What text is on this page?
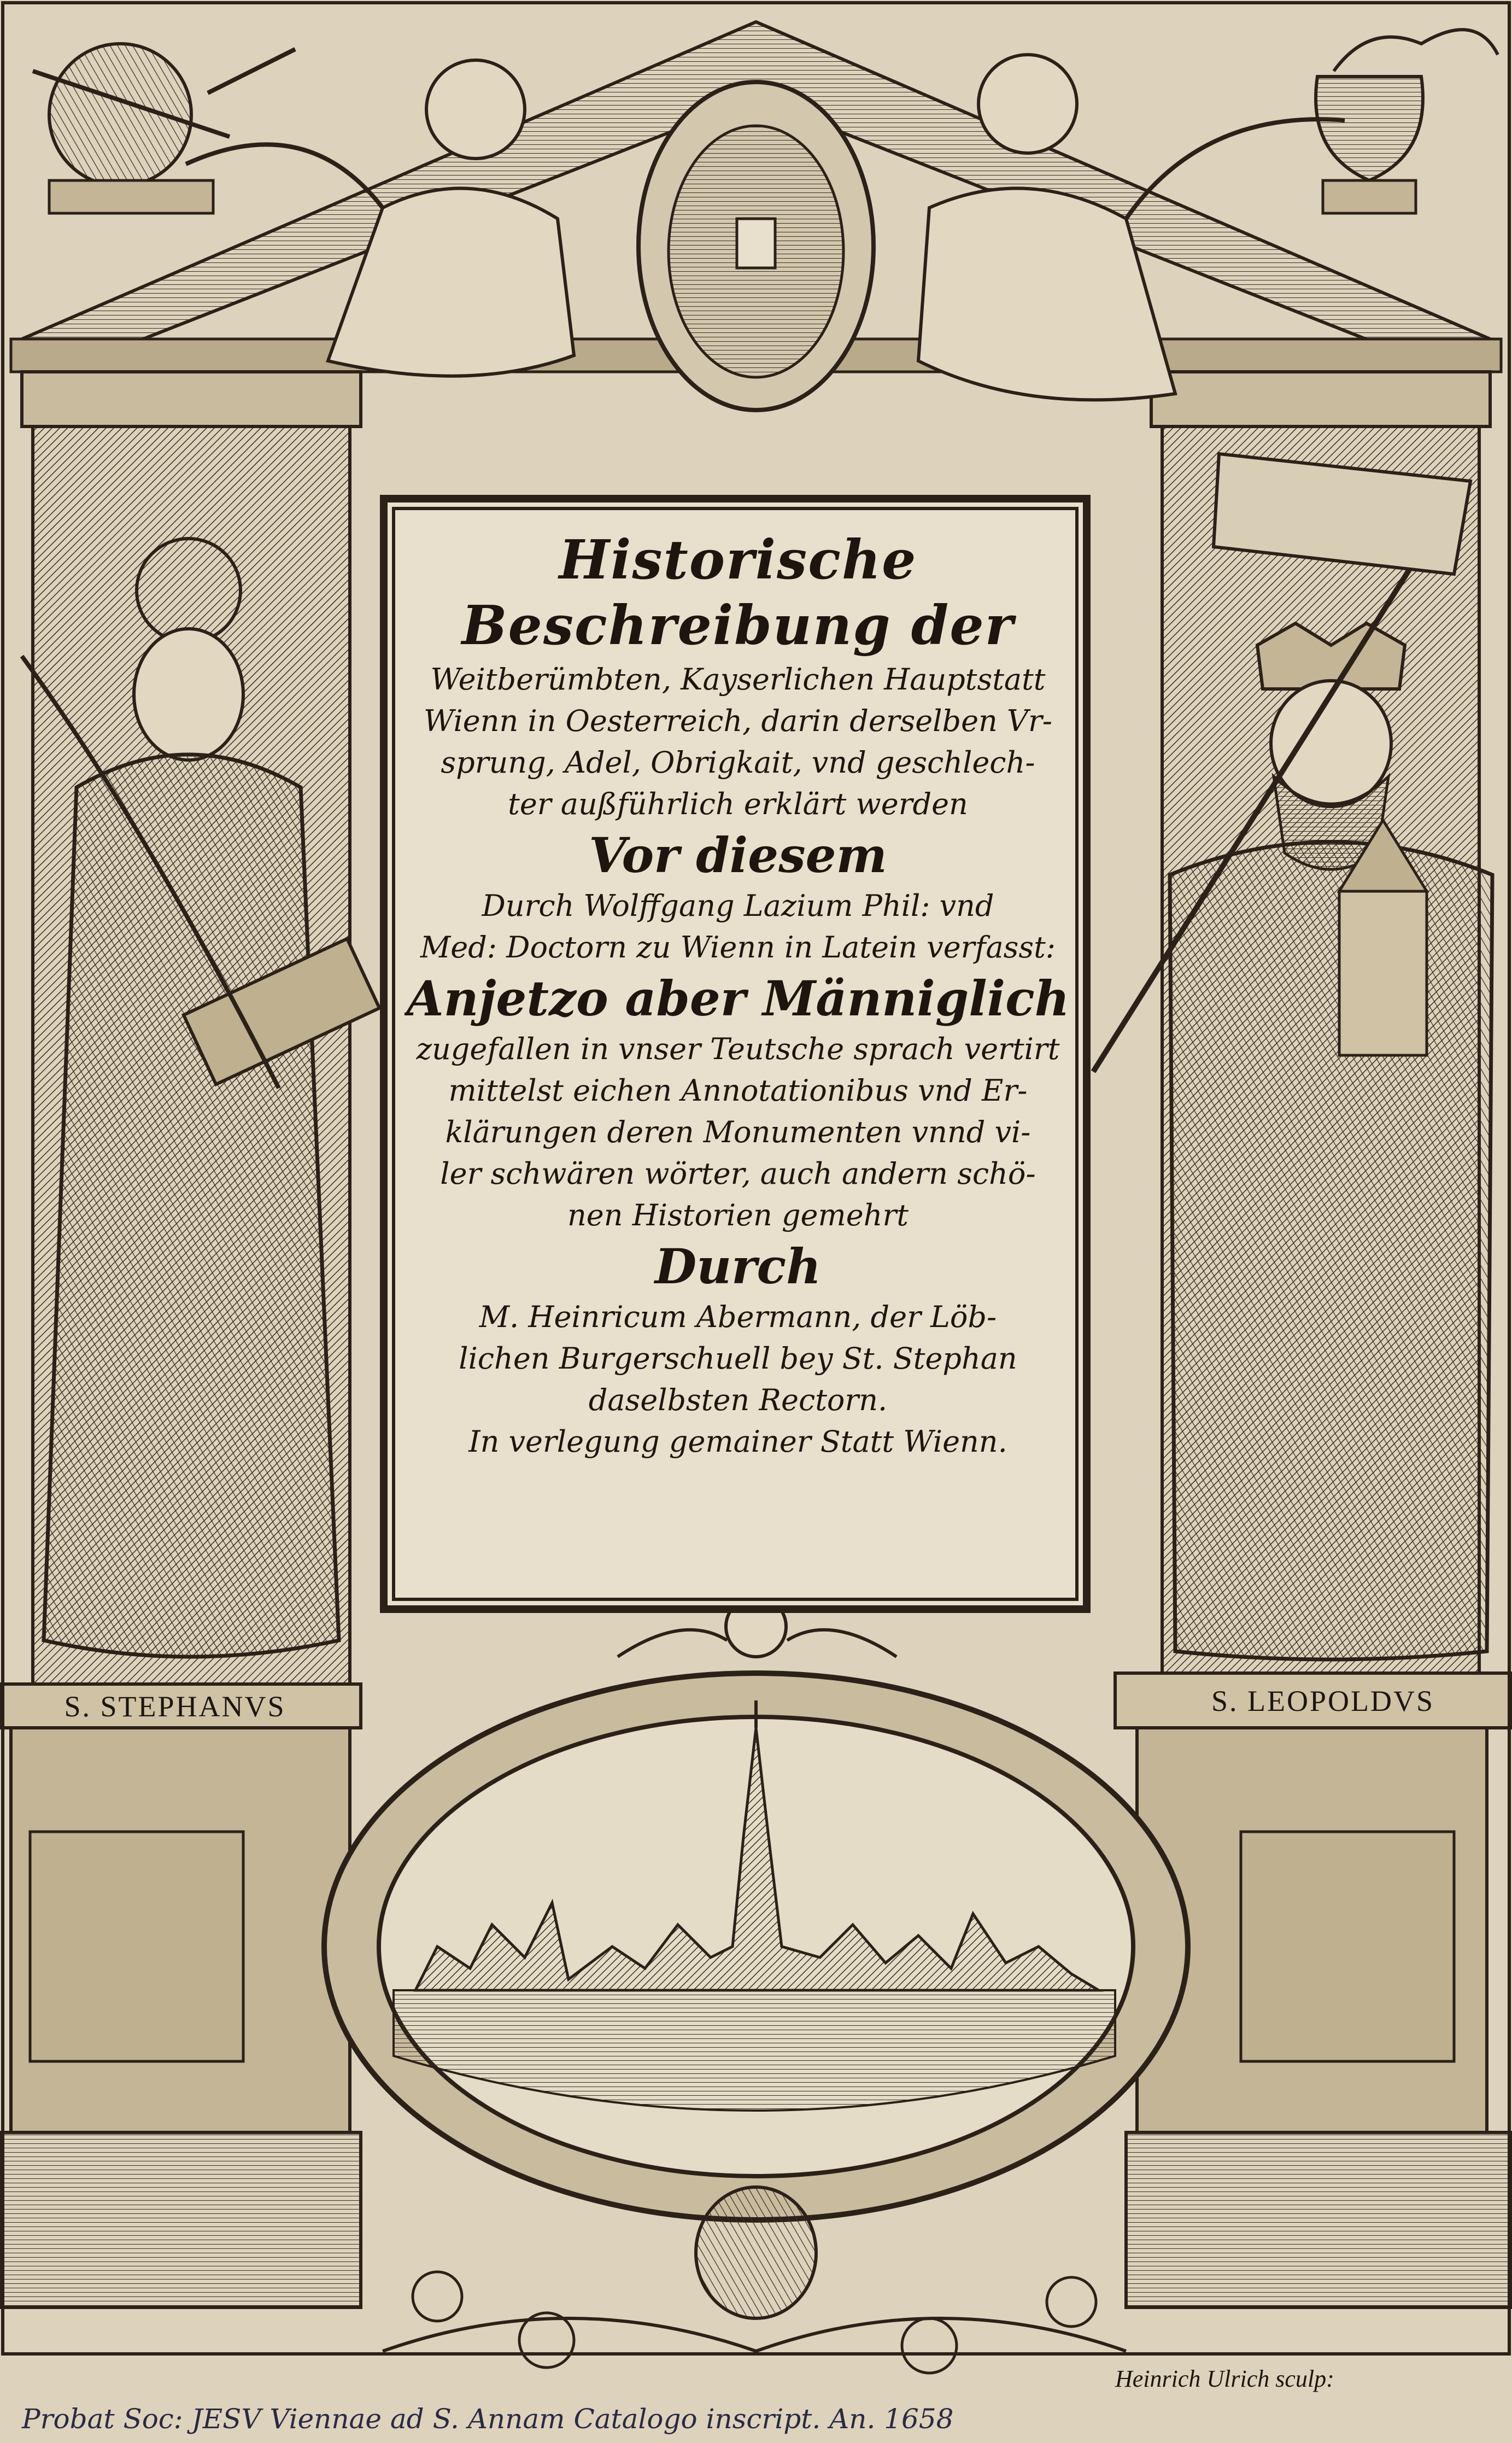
Historische
Beschreibung der
Weitberümbten, Kayserlichen Hauptstatt
Wienn in Oesterreich, darin derselben Vr-
sprung, Adel, Obrigkait, vnd geschlech-
ter außführlich erklärt werden
Vor diesem
Durch Wolffgang Lazium Phil: vnd
Med: Doctorn zu Wienn in Latein verfasst:
Anjetzo aber Männiglich
zugefallen in vnser Teutsche sprach vertirt
mittelst eichen Annotationibus vnd Er-
klärungen deren Monumenten vnnd vi-
ler schwären wörter, auch andern schö-
nen Historien gemehrt
Durch
M. Heinricum Abermann, der Löb-
lichen Burgerschuell bey St. Stephan
daselbsten Rectorn.
In verlegung gemainer Statt Wienn.
S. STEPHANVS	S. LEOPOLDVS
Heinrich Ulrich sculp:
Probat Soc: JESV Viennae ad S. Annam Catalogo inscript. An. 1658
